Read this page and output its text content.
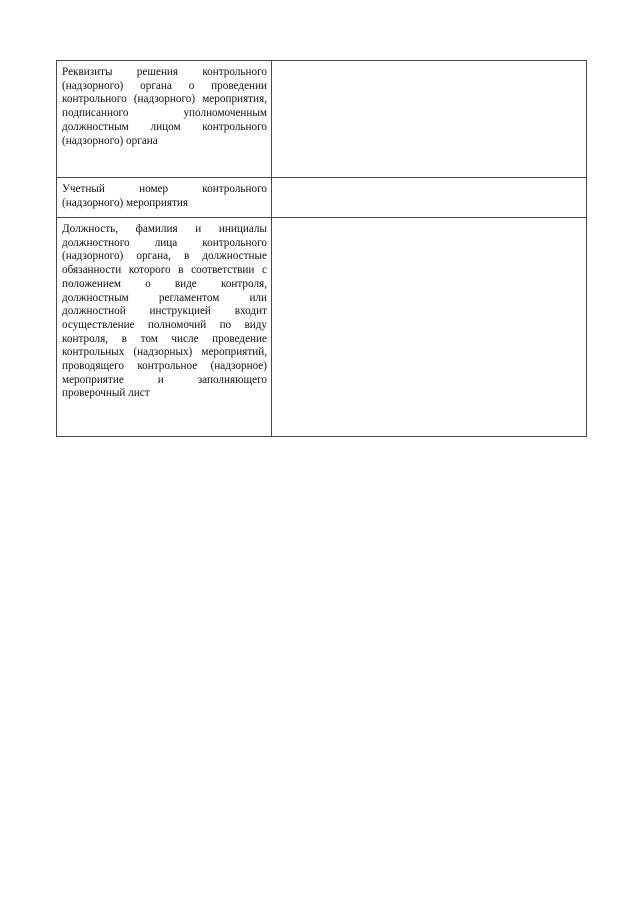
Реквизиты решения контрольного (надзорного) органа о проведении контрольного (надзорного) мероприятия, подписанного уполномоченным должностным лицом контрольного (надзорного) органа	

Учетный номер контрольного (надзорного) мероприятия	

Должность, фамилия и инициалы должностного лица контрольного (надзорного) органа, в должностные обязанности которого в соответствии с положением о виде контроля, должностным регламентом или должностной инструкцией входит осуществление полномочий по виду контроля, в том числе проведение контрольных (надзорных) мероприятий, проводящего контрольное (надзорное) мероприятие и заполняющего проверочный лист	
